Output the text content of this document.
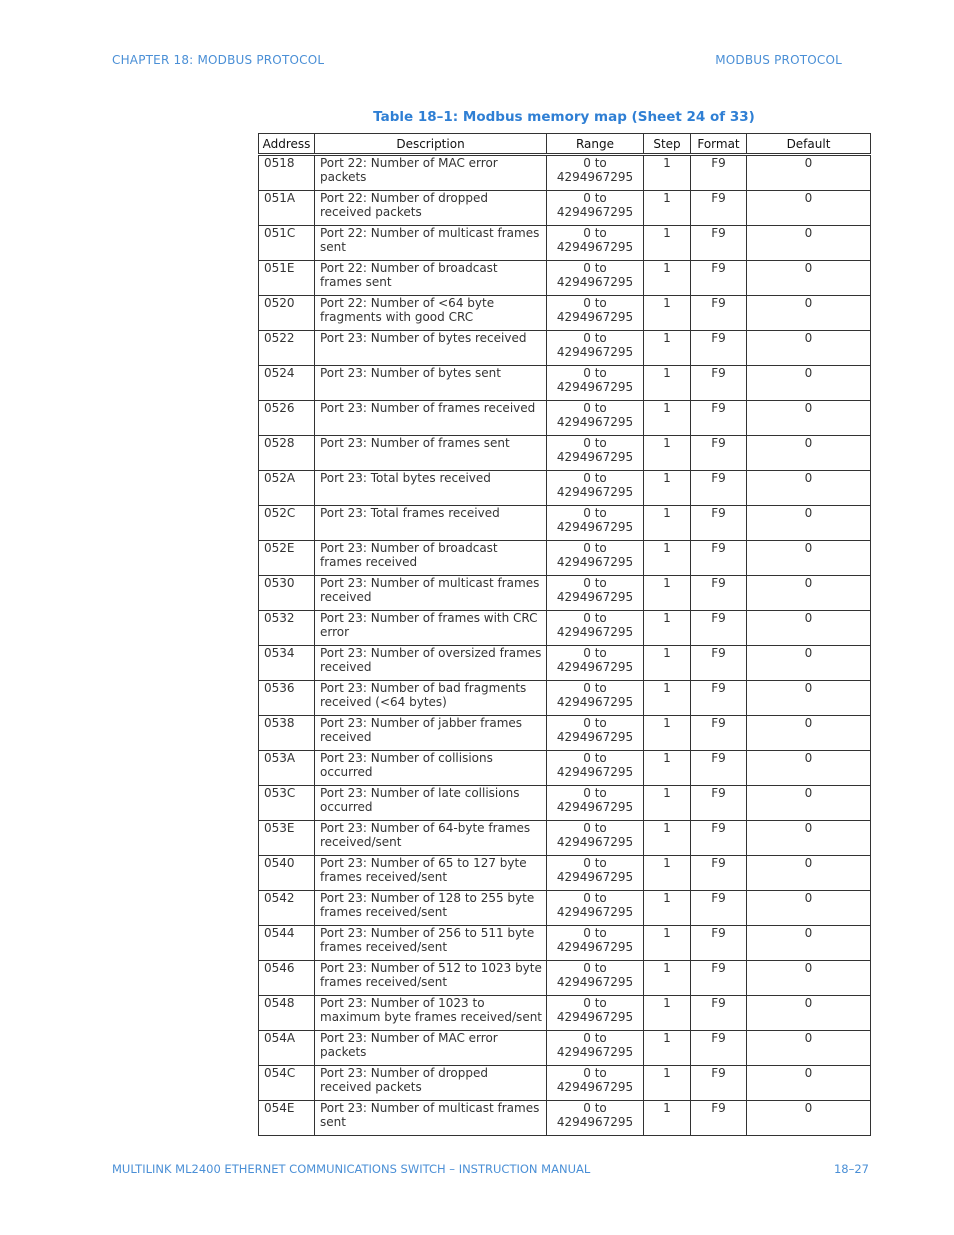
CHAPTER 18: MODBUS PROTOCOL	MODBUS PROTOCOL
Table 18–1: Modbus memory map (Sheet 24 of 33)
Address	Description	Range	Step	Format	Default
0518	Port 22: Number of MAC error packets	0 to 4294967295	1	F9	0
051A	Port 22: Number of dropped received packets	0 to 4294967295	1	F9	0
051C	Port 22: Number of multicast frames sent	0 to 4294967295	1	F9	0
051E	Port 22: Number of broadcast frames sent	0 to 4294967295	1	F9	0
0520	Port 22: Number of <64 byte fragments with good CRC	0 to 4294967295	1	F9	0
0522	Port 23: Number of bytes received	0 to 4294967295	1	F9	0
0524	Port 23: Number of bytes sent	0 to 4294967295	1	F9	0
0526	Port 23: Number of frames received	0 to 4294967295	1	F9	0
0528	Port 23: Number of frames sent	0 to 4294967295	1	F9	0
052A	Port 23: Total bytes received	0 to 4294967295	1	F9	0
052C	Port 23: Total frames received	0 to 4294967295	1	F9	0
052E	Port 23: Number of broadcast frames received	0 to 4294967295	1	F9	0
0530	Port 23: Number of multicast frames received	0 to 4294967295	1	F9	0
0532	Port 23: Number of frames with CRC error	0 to 4294967295	1	F9	0
0534	Port 23: Number of oversized frames received	0 to 4294967295	1	F9	0
0536	Port 23: Number of bad fragments received (<64 bytes)	0 to 4294967295	1	F9	0
0538	Port 23: Number of jabber frames received	0 to 4294967295	1	F9	0
053A	Port 23: Number of collisions occurred	0 to 4294967295	1	F9	0
053C	Port 23: Number of late collisions occurred	0 to 4294967295	1	F9	0
053E	Port 23: Number of 64-byte frames received/sent	0 to 4294967295	1	F9	0
0540	Port 23: Number of 65 to 127 byte frames received/sent	0 to 4294967295	1	F9	0
0542	Port 23: Number of 128 to 255 byte frames received/sent	0 to 4294967295	1	F9	0
0544	Port 23: Number of 256 to 511 byte frames received/sent	0 to 4294967295	1	F9	0
0546	Port 23: Number of 512 to 1023 byte frames received/sent	0 to 4294967295	1	F9	0
0548	Port 23: Number of 1023 to maximum byte frames received/sent	0 to 4294967295	1	F9	0
054A	Port 23: Number of MAC error packets	0 to 4294967295	1	F9	0
054C	Port 23: Number of dropped received packets	0 to 4294967295	1	F9	0
054E	Port 23: Number of multicast frames sent	0 to 4294967295	1	F9	0
MULTILINK ML2400 ETHERNET COMMUNICATIONS SWITCH – INSTRUCTION MANUAL	18–27
